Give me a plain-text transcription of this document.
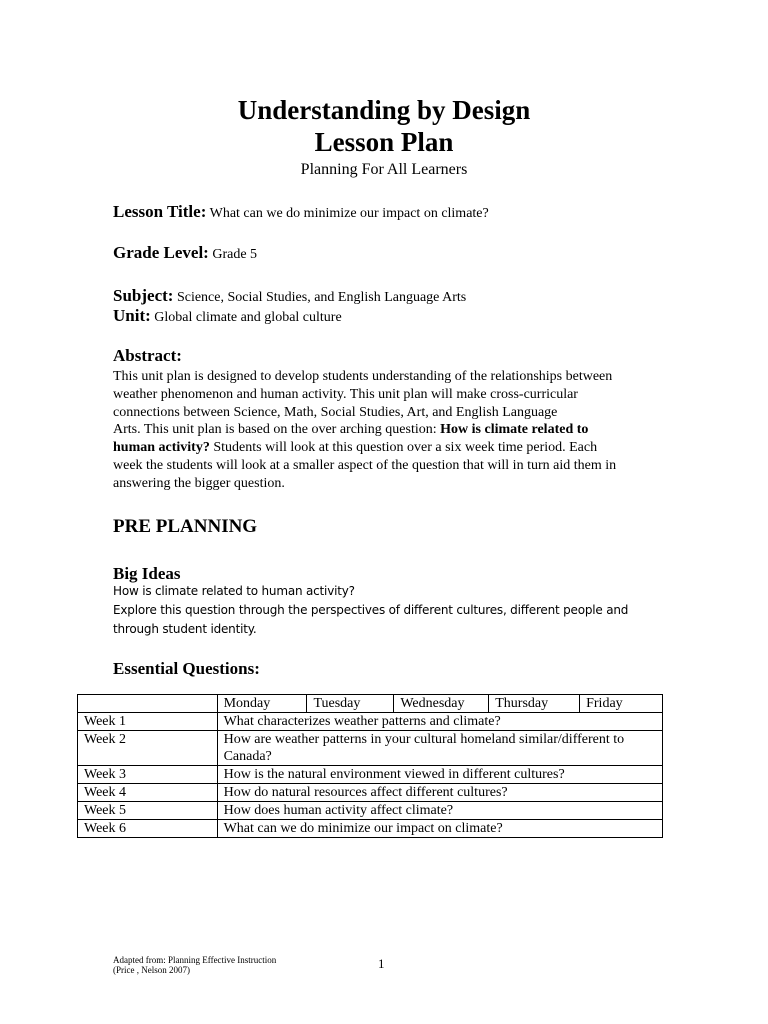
Understanding by Design
Lesson Plan
Planning For All Learners
Lesson Title: What can we do minimize our impact on climate?
Grade Level: Grade 5
Subject: Science, Social Studies, and English Language Arts
Unit: Global climate and global culture
Abstract:
This unit plan is designed to develop students understanding of the relationships between
weather phenomenon and human activity. This unit plan will make cross-curricular
connections between Science, Math, Social Studies, Art, and English Language
Arts. This unit plan is based on the over arching question: How is climate related to
human activity? Students will look at this question over a six week time period. Each
week the students will look at a smaller aspect of the question that will in turn aid them in
answering the bigger question.
PRE PLANNING
Big Ideas
How is climate related to human activity?
Explore this question through the perspectives of different cultures, different people and
through student identity.
Essential Questions:
	Monday	Tuesday	Wednesday	Thursday	Friday
Week 1	What characterizes weather patterns and climate?				
Week 2	How are weather patterns in your cultural homeland similar/different to Canada?				
Week 3	How is the natural environment viewed in different cultures?				
Week 4	How do natural resources affect different cultures?				
Week 5	How does human activity affect climate?				
Week 6	What can we do minimize our impact on climate?				
Adapted from: Planning Effective Instruction
(Price , Nelson 2007)	1
